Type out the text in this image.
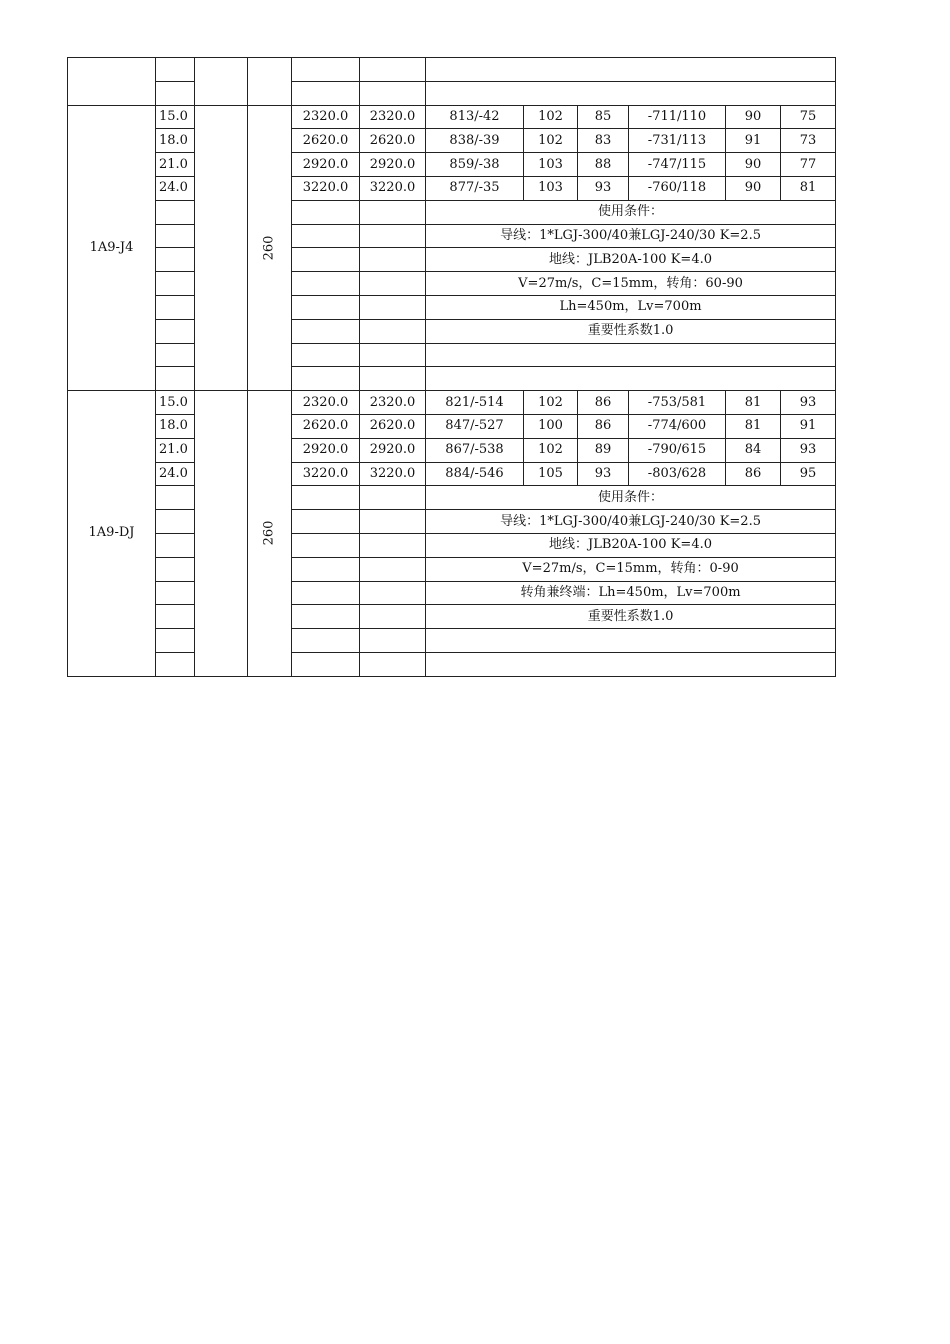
1A9-J4	15.0		260	2320.0	2320.0	813/-42	102	85	-711/110	90	75
	18.0			2620.0	2620.0	838/-39	102	83	-731/113	91	73
	21.0			2920.0	2920.0	859/-38	103	88	-747/115	90	77
	24.0			3220.0	3220.0	877/-35	103	93	-760/118	90	81
						使用条件：					
						导线：1*LGJ-300/40兼LGJ-240/30 K=2.5					
						地线：JLB20A-100 K=4.0					
						V=27m/s，C=15mm，转角：60-90					
						Lh=450m，Lv=700m					
						重要性系数1.0					

1A9-DJ	15.0		260	2320.0	2320.0	821/-514	102	86	-753/581	81	93
	18.0			2620.0	2620.0	847/-527	100	86	-774/600	81	91
	21.0			2920.0	2920.0	867/-538	102	89	-790/615	84	93
	24.0			3220.0	3220.0	884/-546	105	93	-803/628	86	95
						使用条件：					
						导线：1*LGJ-300/40兼LGJ-240/30 K=2.5					
						地线：JLB20A-100 K=4.0					
						V=27m/s，C=15mm，转角：0-90					
						转角兼终端：Lh=450m，Lv=700m					
						重要性系数1.0					
